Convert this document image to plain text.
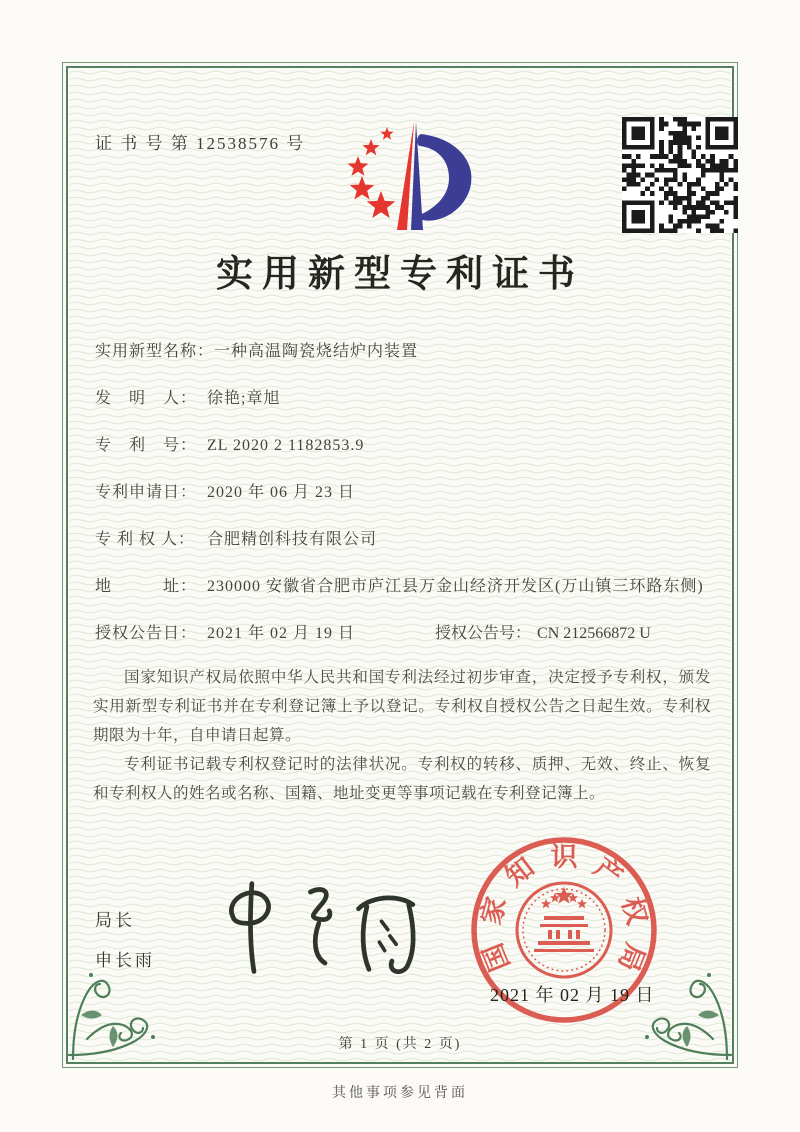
证 书 号 第 12538576 号
实用新型专利证书
实用新型名称： 一种高温陶瓷烧结炉内装置
发　明　人： 徐艳;章旭
专　利　号： ZL 2020 2 1182853.9
专利申请日： 2020 年 06 月 23 日
专 利 权 人： 合肥精创科技有限公司
地　　　址： 230000 安徽省合肥市庐江县万金山经济开发区(万山镇三环路东侧)
授权公告日： 2021 年 02 月 19 日	授权公告号： CN 212566872 U

国家知识产权局依照中华人民共和国专利法经过初步审查，决定授予专利权，颁发实用新型专利证书并在专利登记簿上予以登记。专利权自授权公告之日起生效。专利权期限为十年，自申请日起算。

专利证书记载专利权登记时的法律状况。专利权的转移、质押、无效、终止、恢复和专利权人的姓名或名称、国籍、地址变更等事项记载在专利登记簿上。

局长
申长雨	国
家
知 识 产
权
局
2021 年 02 月 19 日
第 1 页 (共 2 页)
其他事项参见背面
